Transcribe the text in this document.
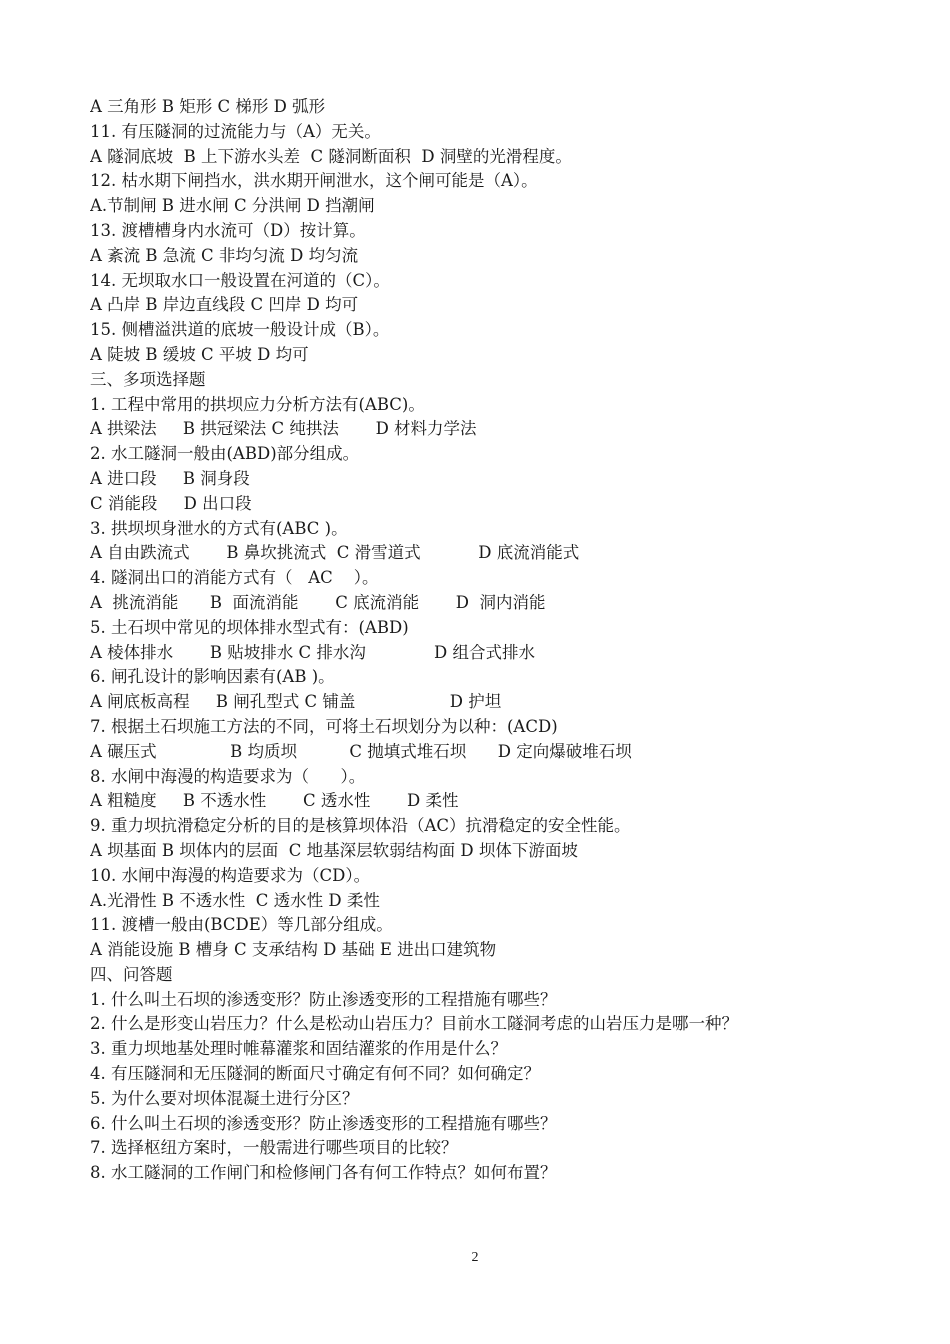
A 三角形 B 矩形 C 梯形 D 弧形
11. 有压隧洞的过流能力与（A）无关。
A 隧洞底坡  B 上下游水头差  C 隧洞断面积  D 洞壁的光滑程度。
12. 枯水期下闸挡水，洪水期开闸泄水，这个闸可能是（A）。
A.节制闸 B 进水闸 C 分洪闸 D 挡潮闸
13. 渡槽槽身内水流可（D）按计算。
A 紊流 B 急流 C 非均匀流 D 均匀流
14. 无坝取水口一般设置在河道的（C）。
A 凸岸 B 岸边直线段 C 凹岸 D 均可
15. 侧槽溢洪道的底坡一般设计成（B）。
A 陡坡 B 缓坡 C 平坡 D 均可
三、多项选择题
1. 工程中常用的拱坝应力分析方法有(ABC)。
A 拱梁法     B 拱冠梁法 C 纯拱法       D 材料力学法
2. 水工隧洞一般由(ABD)部分组成。
A 进口段     B 洞身段
C 消能段     D 出口段
3. 拱坝坝身泄水的方式有(ABC )。
A 自由跌流式       B 鼻坎挑流式  C 滑雪道式           D 底流消能式
4. 隧洞出口的消能方式有（   AC    ）。
A  挑流消能      B  面流消能       C 底流消能       D  洞内消能
5. 土石坝中常见的坝体排水型式有：(ABD)
A 棱体排水       B 贴坡排水 C 排水沟             D 组合式排水
6. 闸孔设计的影响因素有(AB )。
A 闸底板高程     B 闸孔型式 C 铺盖                  D 护坦
7. 根据土石坝施工方法的不同，可将土石坝划分为以种：(ACD)
A 碾压式              B 均质坝          C 抛填式堆石坝      D 定向爆破堆石坝
8. 水闸中海漫的构造要求为（      ）。
A 粗糙度     B 不透水性       C 透水性       D 柔性
9. 重力坝抗滑稳定分析的目的是核算坝体沿（AC）抗滑稳定的安全性能。
A 坝基面 B 坝体内的层面  C 地基深层软弱结构面 D 坝体下游面坡
10. 水闸中海漫的构造要求为（CD）。
A.光滑性 B 不透水性  C 透水性 D 柔性
11. 渡槽一般由(BCDE）等几部分组成。
A 消能设施 B 槽身 C 支承结构 D 基础 E 进出口建筑物
四、问答题
1. 什么叫土石坝的渗透变形？防止渗透变形的工程措施有哪些？
2. 什么是形变山岩压力？什么是松动山岩压力？目前水工隧洞考虑的山岩压力是哪一种？
3. 重力坝地基处理时帷幕灌浆和固结灌浆的作用是什么？
4. 有压隧洞和无压隧洞的断面尺寸确定有何不同？如何确定？
5. 为什么要对坝体混凝土进行分区？
6. 什么叫土石坝的渗透变形？防止渗透变形的工程措施有哪些？
7. 选择枢纽方案时，一般需进行哪些项目的比较？
8. 水工隧洞的工作闸门和检修闸门各有何工作特点？如何布置？
2
